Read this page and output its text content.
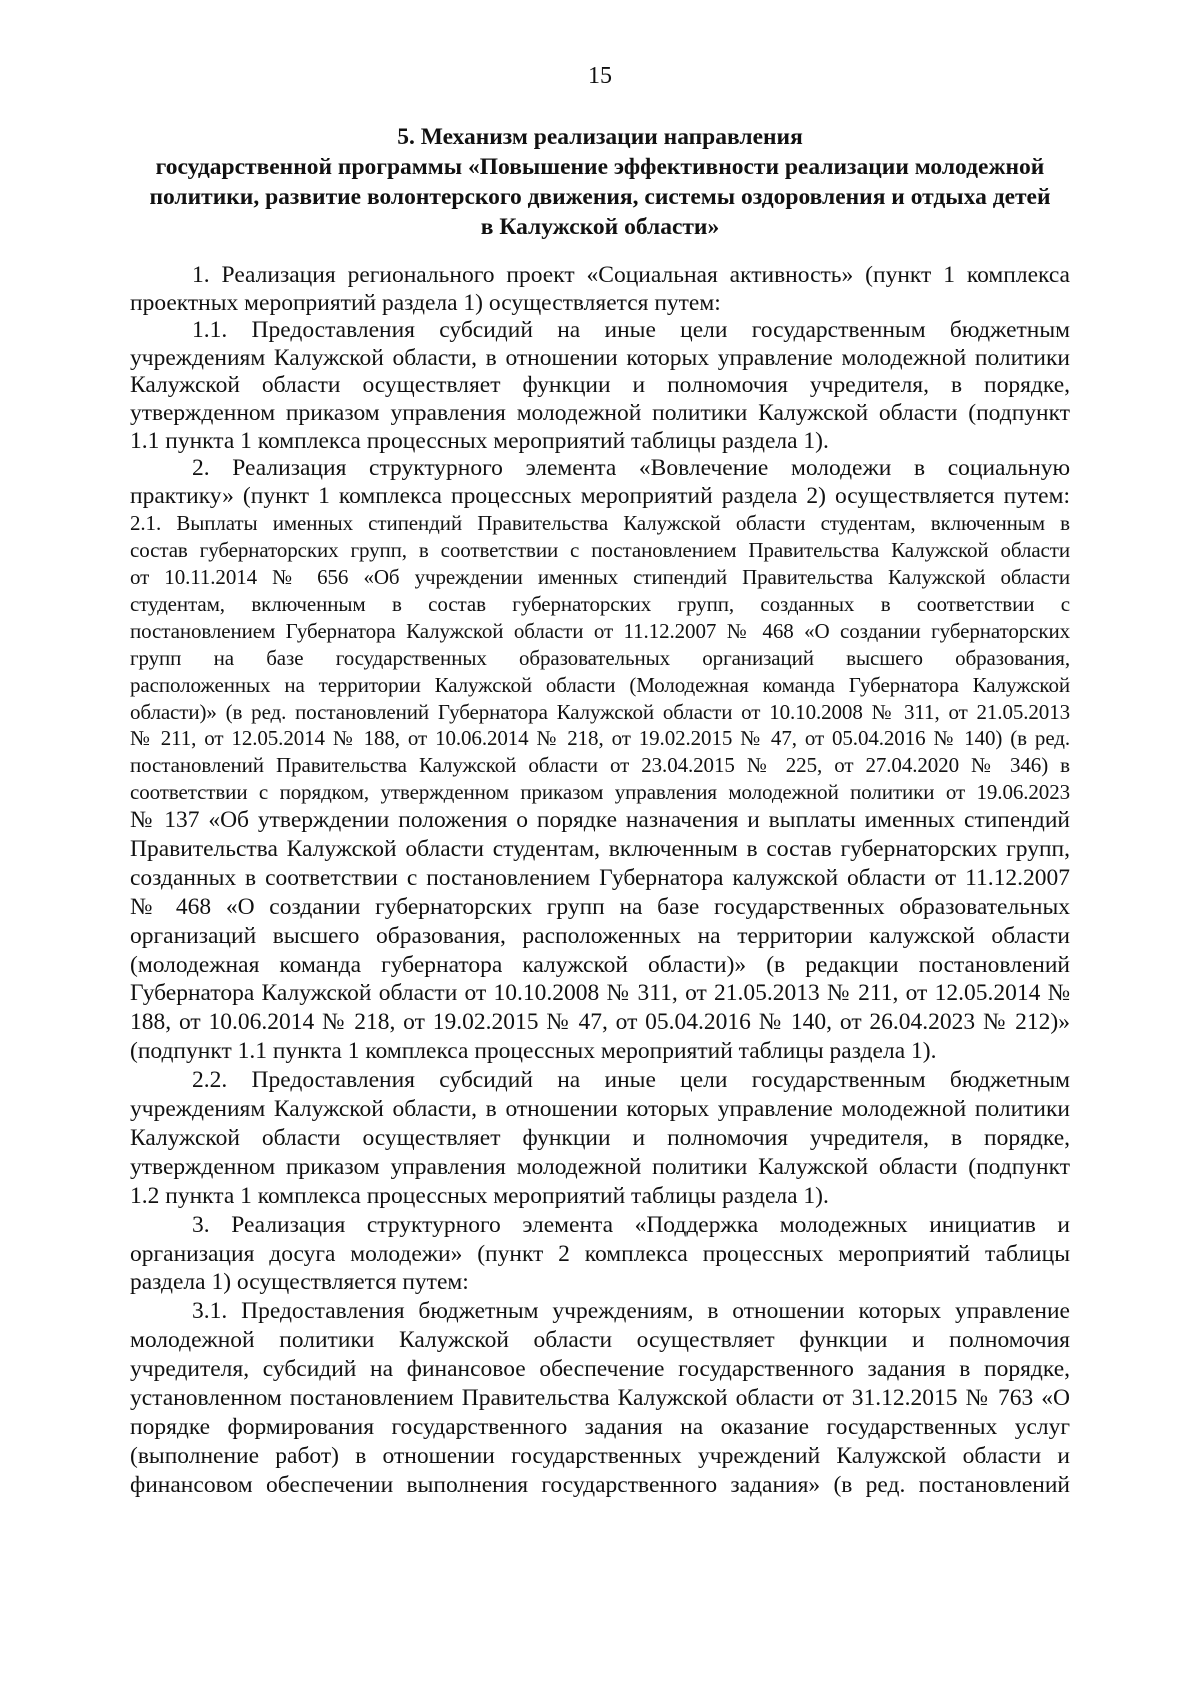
15
5. Механизм реализации направления
государственной программы «Повышение эффективности реализации молодежной
политики, развитие волонтерского движения, системы оздоровления и отдыха детей
в Калужской области»
1. Реализация регионального проект «Социальная активность» (пункт 1 комплекса
проектных мероприятий раздела 1) осуществляется путем:
1.1. Предоставления субсидий на иные цели государственным бюджетным
учреждениям Калужской области, в отношении которых управление молодежной политики
Калужской области осуществляет функции и полномочия учредителя, в порядке,
утвержденном приказом управления молодежной политики Калужской области (подпункт
1.1 пункта 1 комплекса процессных мероприятий таблицы раздела 1).
2. Реализация структурного элемента «Вовлечение молодежи в социальную
практику» (пункт 1 комплекса процессных мероприятий раздела 2) осуществляется путем:
2.1. Выплаты именных стипендий Правительства Калужской области студентам, включенным в
состав губернаторских групп, в соответствии с постановлением Правительства Калужской области
от 10.11.2014 № 656 «Об учреждении именных стипендий Правительства Калужской области
студентам, включенным в состав губернаторских групп, созданных в соответствии с
постановлением Губернатора Калужской области от 11.12.2007 № 468 «О создании губернаторских
групп на базе государственных образовательных организаций высшего образования,
расположенных на территории Калужской области (Молодежная команда Губернатора Калужской
области)» (в ред. постановлений Губернатора Калужской области от 10.10.2008 № 311, от 21.05.2013
№ 211, от 12.05.2014 № 188, от 10.06.2014 № 218, от 19.02.2015 № 47, от 05.04.2016 № 140) (в ред.
постановлений Правительства Калужской области от 23.04.2015 № 225, от 27.04.2020 № 346) в
соответствии с порядком, утвержденном приказом управления молодежной политики от 19.06.2023
№ 137 «Об утверждении положения о порядке назначения и выплаты именных стипендий
Правительства Калужской области студентам, включенным в состав губернаторских групп,
созданных в соответствии с постановлением Губернатора калужской области от 11.12.2007
№ 468 «О создании губернаторских групп на базе государственных образовательных
организаций высшего образования, расположенных на территории калужской области
(молодежная команда губернатора калужской области)» (в редакции постановлений
Губернатора Калужской области от 10.10.2008 № 311, от 21.05.2013 № 211, от 12.05.2014 №
188, от 10.06.2014 № 218, от 19.02.2015 № 47, от 05.04.2016 № 140, от 26.04.2023 № 212)»
(подпункт 1.1 пункта 1 комплекса процессных мероприятий таблицы раздела 1).
2.2. Предоставления субсидий на иные цели государственным бюджетным
учреждениям Калужской области, в отношении которых управление молодежной политики
Калужской области осуществляет функции и полномочия учредителя, в порядке,
утвержденном приказом управления молодежной политики Калужской области (подпункт
1.2 пункта 1 комплекса процессных мероприятий таблицы раздела 1).
3. Реализация структурного элемента «Поддержка молодежных инициатив и
организация досуга молодежи» (пункт 2 комплекса процессных мероприятий таблицы
раздела 1) осуществляется путем:
3.1. Предоставления бюджетным учреждениям, в отношении которых управление
молодежной политики Калужской области осуществляет функции и полномочия
учредителя, субсидий на финансовое обеспечение государственного задания в порядке,
установленном постановлением Правительства Калужской области от 31.12.2015 № 763 «О
порядке формирования государственного задания на оказание государственных услуг
(выполнение работ) в отношении государственных учреждений Калужской области и
финансовом обеспечении выполнения государственного задания» (в ред. постановлений
